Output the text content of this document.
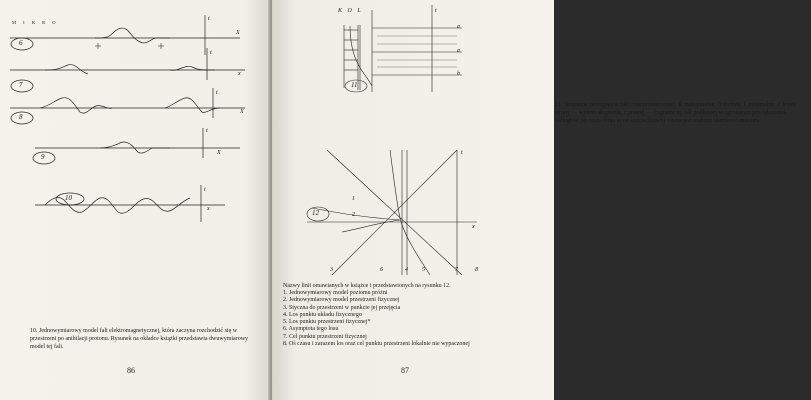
M I K R O
6
7
8
9
10
t
X
t
x
t
X
t
X
t
x
10. Jednowymiarowy model fali elektromagnetycznej, która zaczyna rozchodzić się w przestrzeni po anihilacji protonu. Rysunek na okładce książki przedstawia dwuwymiarowy model tej fali.
86
K O L	t
a
a
b
11
11. Skupienie tworzywa w fali czasoprzestrzennej: K maksymalne, O średnie, L minimalne. Z lewej strony — wykres skupienia, z prawej — fragment tej fali podłużnej w ogromnym powiększeniu. Odległość jej czoła (linia a) od końca (linia b) równa jest małemu ułamkowi mikrona.
12
t
x
1
2
3	6	4 5	7	8
Nazwy linii omawianych w książce i przedstawionych na rysunku 12.
1. Jednowymiarowy model poziomu próżni
2. Jednowymiarowy model przestrzeni fizycznej
3. Styczna do przestrzeni w punkcie jej przejęcia
4. Los punktu układu fizycznego
5. Los punktu przestrzeni fizycznej*
6. Asymptota tego losu
7. Cel punktu przestrzeni fizycznej
8. Oś czasu i zarazem los oraz cel punktu przestrzeni lokalnie nie wypaczonej
87
